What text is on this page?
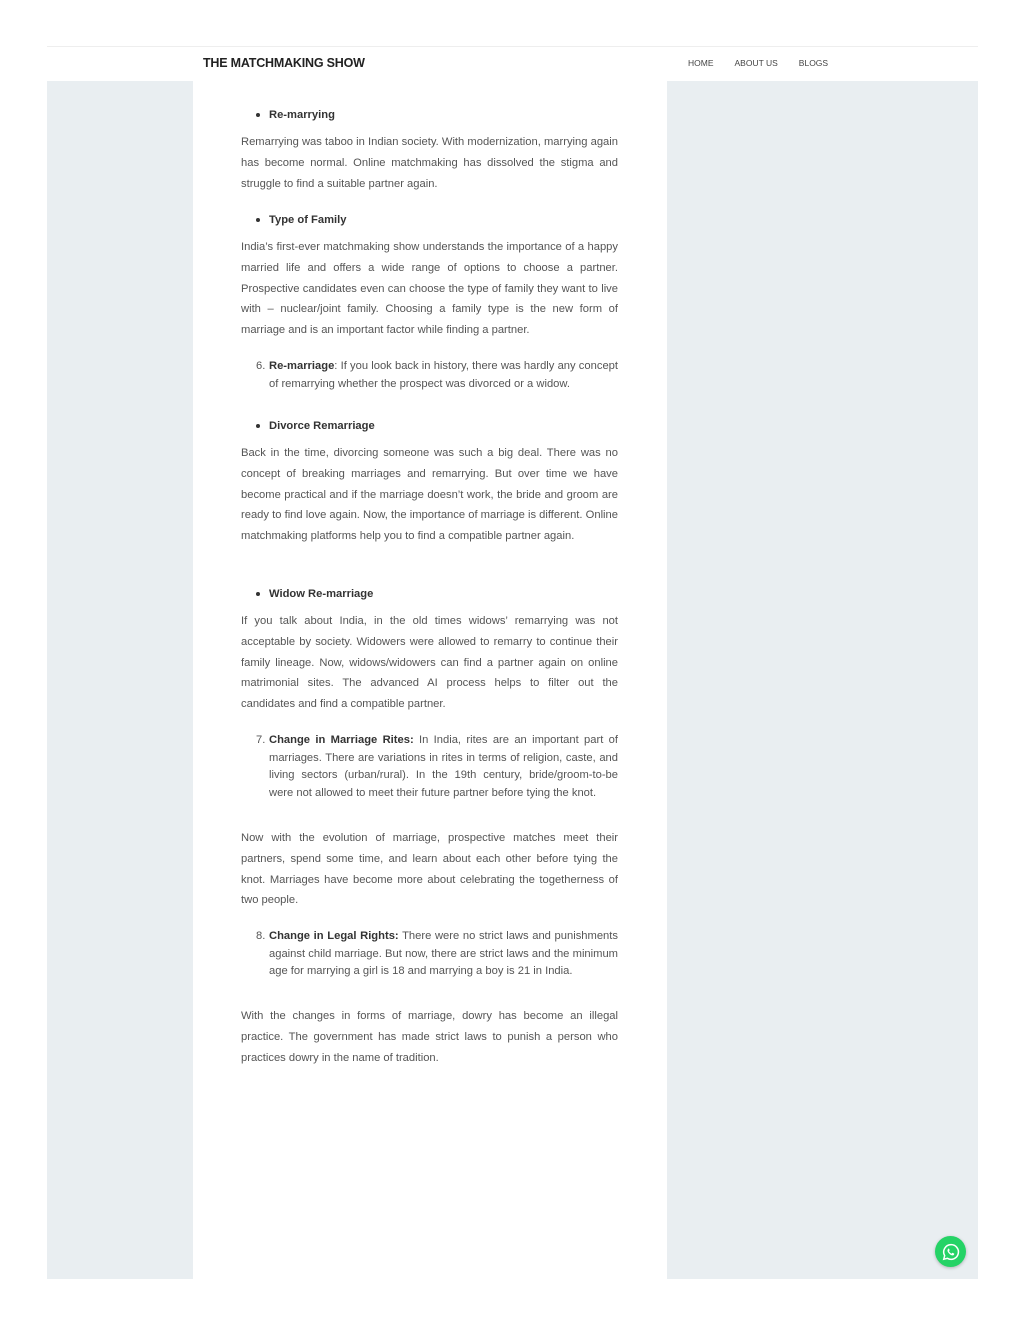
Re-marrying

Remarrying was taboo in Indian society. With modernization, marrying again has become normal. Online matchmaking has dissolved the stigma and struggle to find a suitable partner again.

Type of Family

India’s first-ever matchmaking show understands the importance of a happy married life and offers a wide range of options to choose a partner. Prospective candidates even can choose the type of family they want to live with – nuclear/joint family. Choosing a family type is the new form of marriage and is an important factor while finding a partner.

6. Re-marriage: If you look back in history, there was hardly any concept of remarrying whether the prospect was divorced or a widow.
Divorce Remarriage

Back in the time, divorcing someone was such a big deal. There was no concept of breaking marriages and remarrying. But over time we have become practical and if the marriage doesn’t work, the bride and groom are ready to find love again. Now, the importance of marriage is different. Online matchmaking platforms help you to find a compatible partner again.

Widow Re-marriage

If you talk about India, in the old times widows’ remarrying was not acceptable by society. Widowers were allowed to remarry to continue their family lineage. Now, widows/widowers can find a partner again on online matrimonial sites. The advanced AI process helps to filter out the candidates and find a compatible partner.

7. Change in Marriage Rites: In India, rites are an important part of marriages. There are variations in rites in terms of religion, caste, and living sectors (urban/rural). In the 19th century, bride/groom-to-be were not allowed to meet their future partner before tying the knot.

Now with the evolution of marriage, prospective matches meet their partners, spend some time, and learn about each other before tying the knot. Marriages have become more about celebrating the togetherness of two people.

8. Change in Legal Rights: There were no strict laws and punishments against child marriage. But now, there are strict laws and the minimum age for marrying a girl is 18 and marrying a boy is 21 in India.

With the changes in forms of marriage, dowry has become an illegal practice. The government has made strict laws to punish a person who practices dowry in the name of tradition.

THE MATCHMAKING SHOW	HOME ABOUT US BLOGS
